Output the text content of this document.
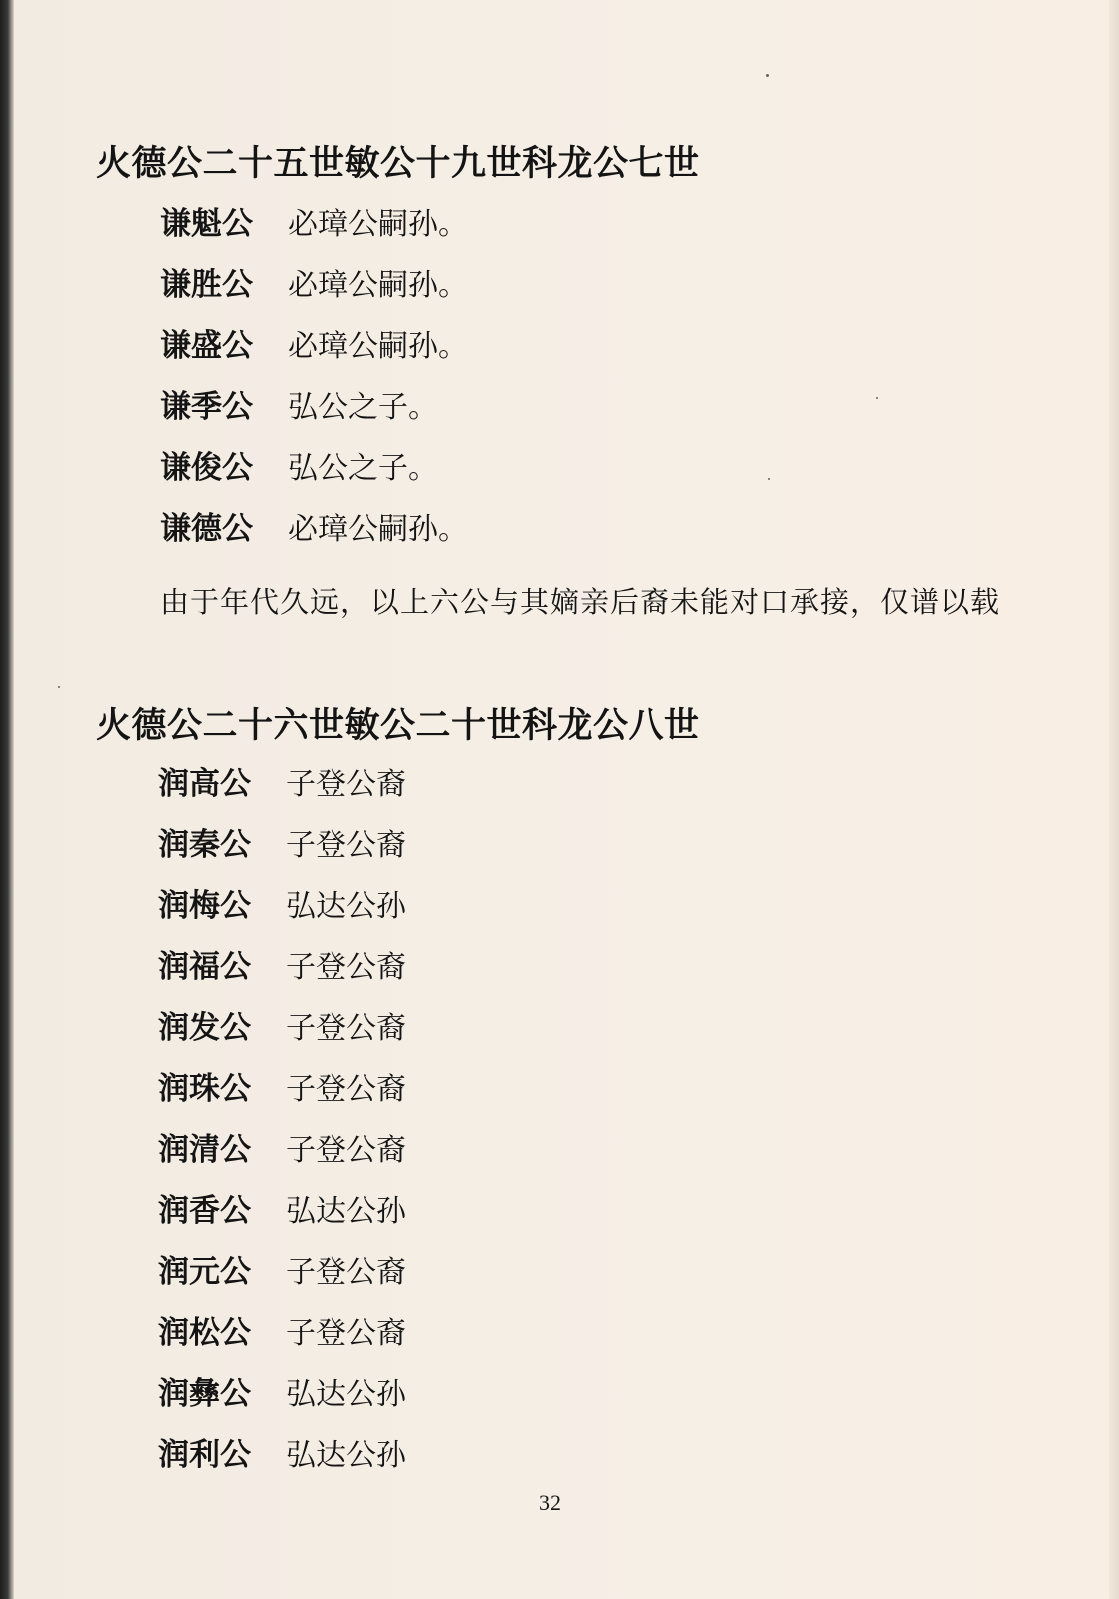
火德公二十五世敏公十九世科龙公七世
谦魁公 必璋公嗣孙。
谦胜公 必璋公嗣孙。
谦盛公 必璋公嗣孙。
谦季公 弘公之子。
谦俊公 弘公之子。
谦德公 必璋公嗣孙。

由于年代久远，以上六公与其嫡亲后裔未能对口承接，仅谱以载

火德公二十六世敏公二十世科龙公八世
润高公 子登公裔
润秦公 子登公裔
润梅公 弘达公孙
润福公 子登公裔
润发公 子登公裔
润珠公 子登公裔
润清公 子登公裔
润香公 弘达公孙
润元公 子登公裔
润松公 子登公裔
润彝公 弘达公孙
润利公 弘达公孙
32
